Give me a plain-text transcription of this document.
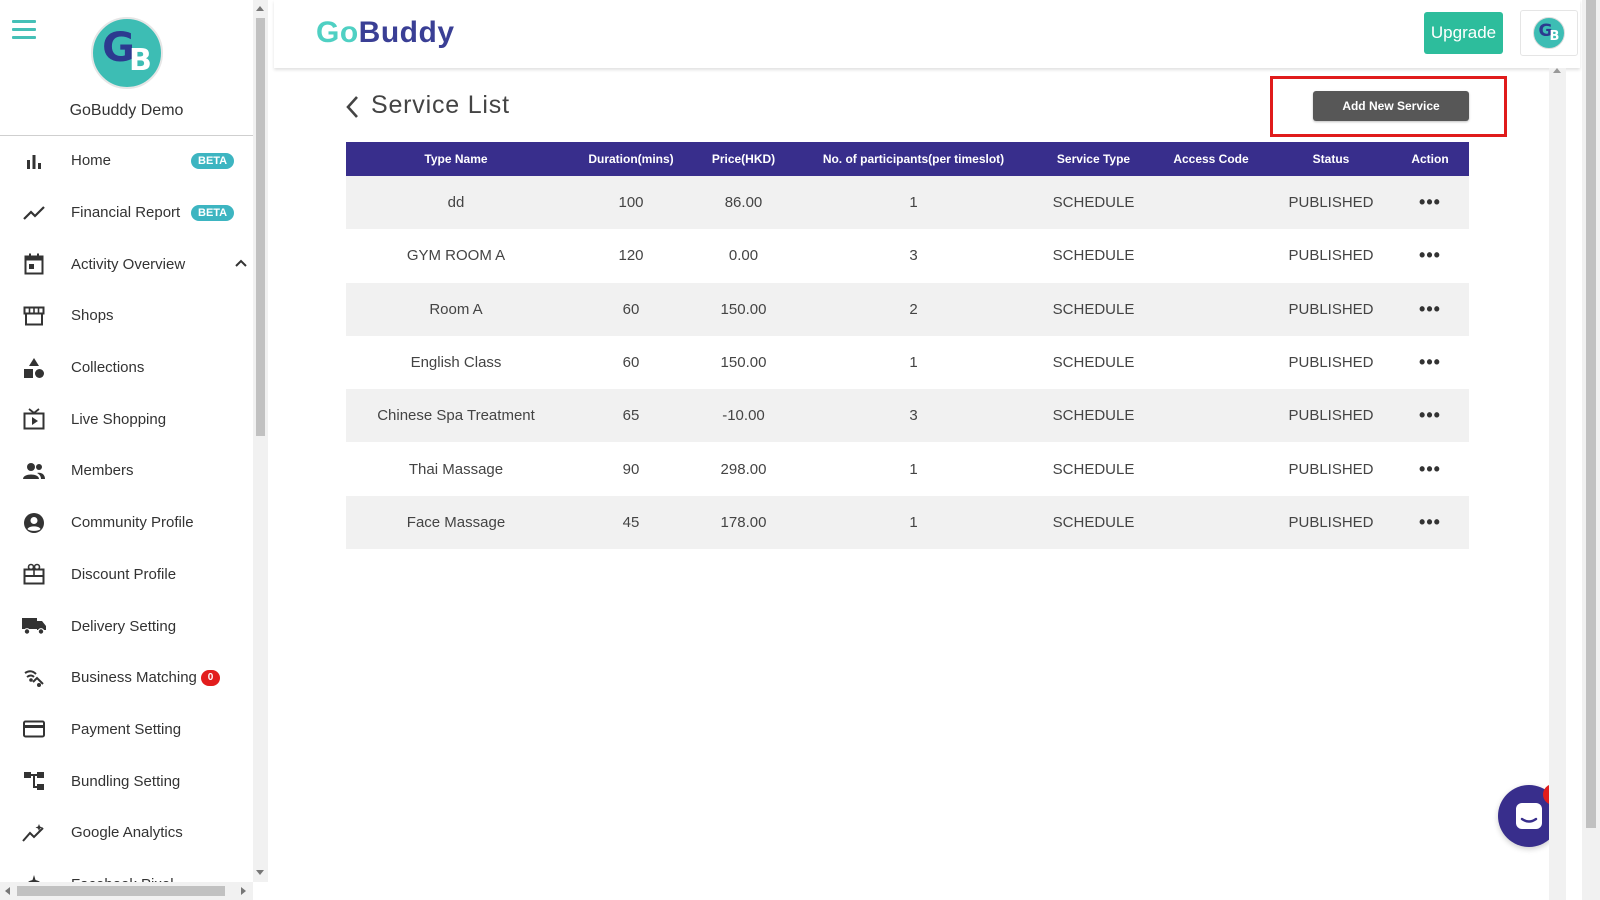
G
B
GoBuddy Demo
Home	BETA
Financial Report	BETA
Activity Overview
Shops
Collections
Live Shopping
Members
Community Profile
Discount Profile
Delivery Setting
Business Matching	0
Payment Setting
Bundling Setting
Google Analytics
GoBuddy	Upgrade	G
B
Service List	Add New Service
Type Name	Duration(mins)	Price(HKD)	No. of participants(per timeslot)	Service Type	Access Code	Status	Action
dd	100	86.00	1	SCHEDULE		PUBLISHED	•••
GYM ROOM A	120	0.00	3	SCHEDULE		PUBLISHED	•••
Room A	60	150.00	2	SCHEDULE		PUBLISHED	•••
English Class	60	150.00	1	SCHEDULE		PUBLISHED	•••
Chinese Spa Treatment	65	-10.00	3	SCHEDULE		PUBLISHED	•••
Thai Massage	90	298.00	1	SCHEDULE		PUBLISHED	•••
Face Massage	45	178.00	1	SCHEDULE		PUBLISHED	•••
